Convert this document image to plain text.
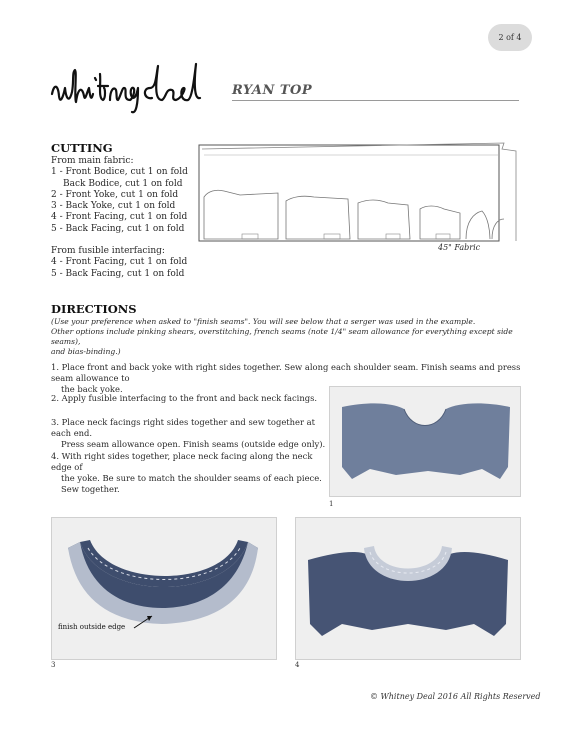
2 of 4
RYAN TOP
CUTTING
From main fabric:
1 - Front Bodice, cut 1 on fold
Back Bodice, cut 1 on fold
2 - Front Yoke, cut 1 on fold
3 - Back Yoke, cut 1 on fold
4 - Front Facing, cut 1 on fold
5 - Back Facing, cut 1 on fold
From fusible interfacing:
4 - Front Facing, cut 1 on fold
5 - Back Facing, cut 1 on fold
45" Fabric
DIRECTIONS
(Use your preference when asked to "finish seams". You will see below that a serger was used in the example.
Other options include pinking shears, overstitching, french seams (note 1/4" seam allowance for everything except side seams),
and bias-binding.)
1. Place front and back yoke with right sides together. Sew along each shoulder seam. Finish seams and press seam allowance to
the back yoke.
2. Apply fusible interfacing to the front and back neck facings.
3. Place neck facings right sides together and sew together at each end.
Press seam allowance open. Finish seams (outside edge only).
4. With right sides together, place neck facing along the neck edge of
the yoke. Be sure to match the shoulder seams of each piece.
Sew together.
1
finish outside edge
3	4
© Whitney Deal 2016 All Rights Reserved
